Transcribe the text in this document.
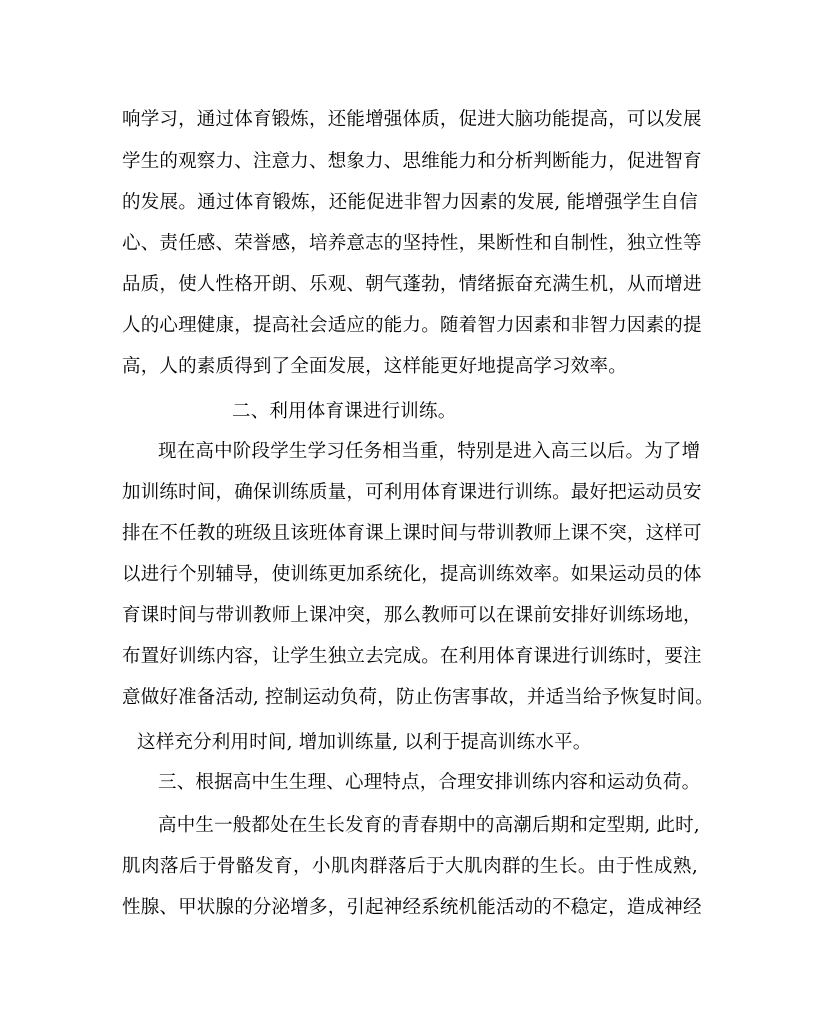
响学习，通过体育锻炼，还能增强体质，促进大脑功能提高，可以发展
学生的观察力、注意力、想象力、思维能力和分析判断能力，促进智育
的发展。通过体育锻炼，还能促进非智力因素的发展, 能增强学生自信
心、责任感、荣誉感，培养意志的坚持性，果断性和自制性，独立性等
品质，使人性格开朗、乐观、朝气蓬勃，情绪振奋充满生机，从而增进
人的心理健康，提高社会适应的能力。随着智力因素和非智力因素的提
高，人的素质得到了全面发展，这样能更好地提高学习效率。
二、利用体育课进行训练。
现在高中阶段学生学习任务相当重，特别是进入高三以后。为了增
加训练时间，确保训练质量，可利用体育课进行训练。最好把运动员安
排在不任教的班级且该班体育课上课时间与带训教师上课不突，这样可
以进行个别辅导，使训练更加系统化，提高训练效率。如果运动员的体
育课时间与带训教师上课冲突，那么教师可以在课前安排好训练场地，
布置好训练内容，让学生独立去完成。在利用体育课进行训练时，要注
意做好准备活动, 控制运动负荷，防止伤害事故，并适当给予恢复时间。
这样充分利用时间, 增加训练量, 以利于提高训练水平。
三、根据高中生生理、心理特点，合理安排训练内容和运动负荷。
高中生一般都处在生长发育的青春期中的高潮后期和定型期, 此时,
肌肉落后于骨骼发育，小肌肉群落后于大肌肉群的生长。由于性成熟,
性腺、甲状腺的分泌增多，引起神经系统机能活动的不稳定，造成神经
